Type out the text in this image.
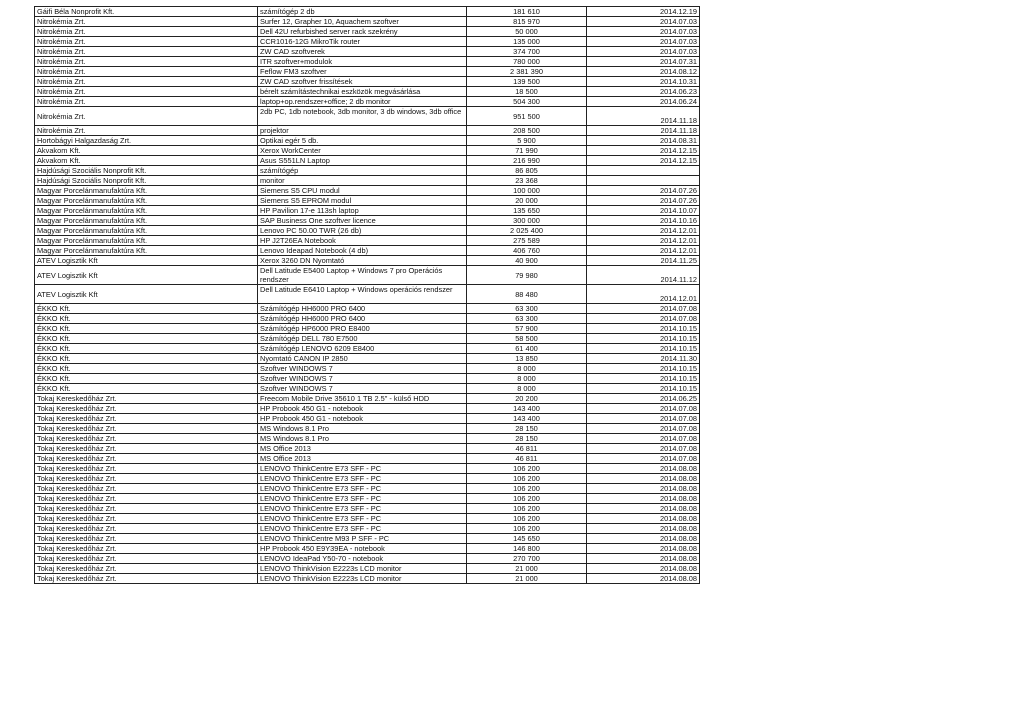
Gáifi Béla Nonprofit Kft.	számítógép 2 db	181 610	2014.12.19
Nitrokémia Zrt.	Surfer 12, Grapher 10, Aquachem szoftver	815 970	2014.07.03
Nitrokémia Zrt.	Dell 42U refurbished server rack szekrény	50 000	2014.07.03
Nitrokémia Zrt.	CCR1016-12G MikroTik router	135 000	2014.07.03
Nitrokémia Zrt.	ZW CAD szoftverek	374 700	2014.07.03
Nitrokémia Zrt.	ITR szoftver+modulok	780 000	2014.07.31
Nitrokémia Zrt.	Feflow FM3 szoftver	2 381 390	2014.08.12
Nitrokémia Zrt.	ZW CAD szoftver frissítések	139 500	2014.10.31
Nitrokémia Zrt.	bérelt számítástechnikai eszközök megvásárlása	18 500	2014.06.23
Nitrokémia Zrt.	laptop+op.rendszer+office; 2 db monitor	504 300	2014.06.24
Nitrokémia Zrt.	2db PC, 1db notebook, 3db monitor, 3 db windows, 3db office	951 500	2014.11.18
Nitrokémia Zrt.	projektor	208 500	2014.11.18
Hortobágyi Halgazdaság Zrt.	Optikai egér 5 db.	5 900	2014.08.31
Akvakom Kft.	Xerox WorkCenter	71 990	2014.12.15
Akvakom Kft.	Asus S551LN Laptop	216 990	2014.12.15
Hajdúsági Szociális Nonprofit Kft.	számítógép	86 805	
Hajdúsági Szociális Nonprofit Kft.	monitor	23 368	
Magyar Porcelánmanufaktúra Kft.	Siemens S5 CPU modul	100 000	2014.07.26
Magyar Porcelánmanufaktúra Kft.	Siemens S5 EPROM modul	20 000	2014.07.26
Magyar Porcelánmanufaktúra Kft.	HP Pavilion 17-e 113sh laptop	135 650	2014.10.07
Magyar Porcelánmanufaktúra Kft.	SAP Business One szoftver licence	300 000	2014.10.16
Magyar Porcelánmanufaktúra Kft.	Lenovo PC 50.00 TWR (26 db)	2 025 400	2014.12.01
Magyar Porcelánmanufaktúra Kft.	HP J2T26EA Notebook	275 589	2014.12.01
Magyar Porcelánmanufaktúra Kft.	Lenovo Ideapad Notebook (4 db)	406 760	2014.12.01
ATEV Logisztik Kft	Xerox 3260 DN Nyomtató	40 900	2014.11.25
ATEV Logisztik Kft	Dell Latitude E5400 Laptop + Windows 7 pro Operációs rendszer	79 980	2014.11.12
ATEV Logisztik Kft	Dell Latitude E6410 Laptop + Windows operációs rendszer	88 480	2014.12.01
ÉKKO Kft.	Számítógép HH6000 PRO 6400	63 300	2014.07.08
ÉKKO Kft.	Számítógép HH6000 PRO 6400	63 300	2014.07.08
ÉKKO Kft.	Számítógép HP6000 PRO E8400	57 900	2014.10.15
ÉKKO Kft.	Számítógép DELL 780 E7500	58 500	2014.10.15
ÉKKO Kft.	Számítógép LENOVO 6209 E8400	61 400	2014.10.15
ÉKKO Kft.	Nyomtató CANON IP 2850	13 850	2014.11.30
ÉKKO Kft.	Szoftver WINDOWS 7	8 000	2014.10.15
ÉKKO Kft.	Szoftver WINDOWS 7	8 000	2014.10.15
ÉKKO Kft.	Szoftver WINDOWS 7	8 000	2014.10.15
Tokaj Kereskedőház Zrt.	Freecom Mobile Drive 35610 1 TB 2.5" - külső HDD	20 200	2014.06.25
Tokaj Kereskedőház Zrt.	HP Probook 450 G1 - notebook	143 400	2014.07.08
Tokaj Kereskedőház Zrt.	HP Probook 450 G1 - notebook	143 400	2014.07.08
Tokaj Kereskedőház Zrt.	MS Windows 8.1 Pro	28 150	2014.07.08
Tokaj Kereskedőház Zrt.	MS Windows 8.1 Pro	28 150	2014.07.08
Tokaj Kereskedőház Zrt.	MS Office 2013	46 811	2014.07.08
Tokaj Kereskedőház Zrt.	MS Office 2013	46 811	2014.07.08
Tokaj Kereskedőház Zrt.	LENOVO ThinkCentre E73 SFF - PC	106 200	2014.08.08
Tokaj Kereskedőház Zrt.	LENOVO ThinkCentre E73 SFF - PC	106 200	2014.08.08
Tokaj Kereskedőház Zrt.	LENOVO ThinkCentre E73 SFF - PC	106 200	2014.08.08
Tokaj Kereskedőház Zrt.	LENOVO ThinkCentre E73 SFF - PC	106 200	2014.08.08
Tokaj Kereskedőház Zrt.	LENOVO ThinkCentre E73 SFF - PC	106 200	2014.08.08
Tokaj Kereskedőház Zrt.	LENOVO ThinkCentre E73 SFF - PC	106 200	2014.08.08
Tokaj Kereskedőház Zrt.	LENOVO ThinkCentre E73 SFF - PC	106 200	2014.08.08
Tokaj Kereskedőház Zrt.	LENOVO ThinkCentre M93 P SFF - PC	145 650	2014.08.08
Tokaj Kereskedőház Zrt.	HP Probook 450 E9Y39EA - notebook	146 800	2014.08.08
Tokaj Kereskedőház Zrt.	LENOVO IdeaPad Y50-70 - notebook	270 700	2014.08.08
Tokaj Kereskedőház Zrt.	LENOVO ThinkVision E2223s LCD monitor	21 000	2014.08.08
Tokaj Kereskedőház Zrt.	LENOVO ThinkVision E2223s LCD monitor	21 000	2014.08.08
